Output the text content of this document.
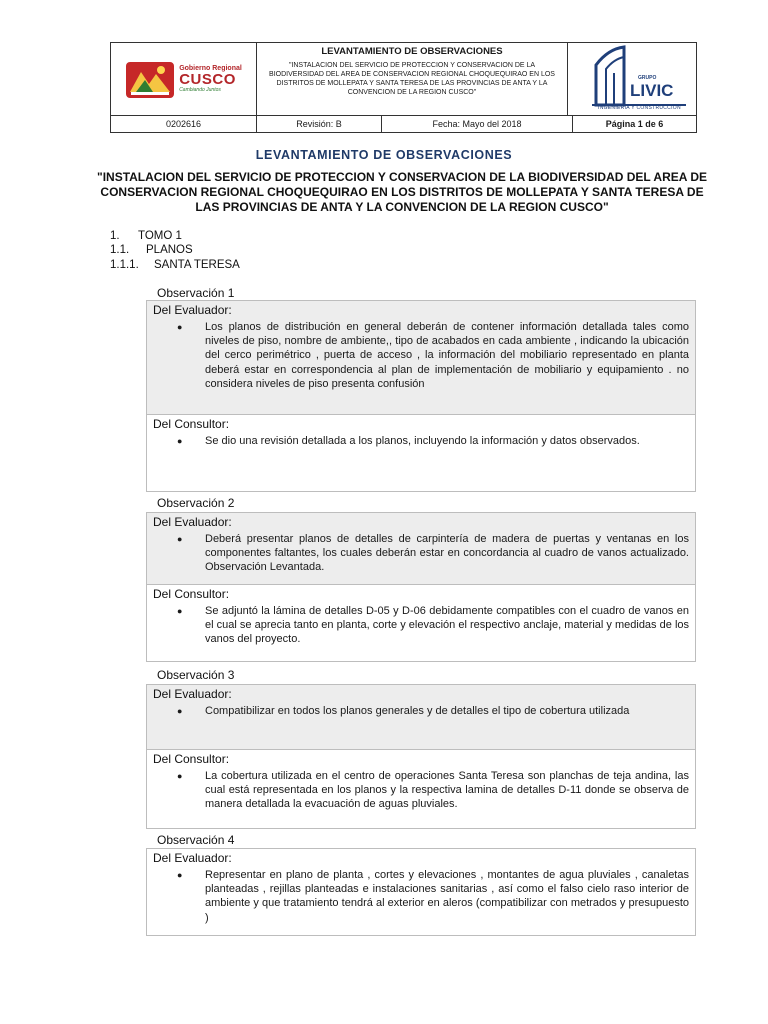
Gobierno Regional
CUSCO
Cambiando Juntos
LEVANTAMIENTO DE OBSERVACIONES
"INSTALACION DEL SERVICIO DE PROTECCION Y CONSERVACION DE LA BIODIVERSIDAD DEL AREA DE CONSERVACION REGIONAL CHOQUEQUIRAO EN LOS DISTRITOS DE MOLLEPATA Y SANTA TERESA DE LAS PROVINCIAS DE ANTA Y LA CONVENCION DE LA REGION CUSCO"
GRUPO
LIVIC
INGENIERÍA Y CONSTRUCCIÓN
0202616	Revisión: B	Fecha: Mayo del 2018	Página 1 de 6
LEVANTAMIENTO DE OBSERVACIONES
"INSTALACION DEL SERVICIO DE PROTECCION Y CONSERVACION DE LA BIODIVERSIDAD DEL AREA DE CONSERVACION REGIONAL CHOQUEQUIRAO EN LOS DISTRITOS DE MOLLEPATA Y SANTA TERESA DE LAS PROVINCIAS DE ANTA Y LA CONVENCION DE LA REGION CUSCO"
1. TOMO 1
1.1. PLANOS
1.1.1. SANTA TERESA
Observación 1
Del Evaluador:
●	Los planos de distribución en general deberán de contener información detallada tales como niveles de piso, nombre de ambiente,, tipo de acabados en cada ambiente , indicando la ubicación del cerco perimétrico , puerta de acceso , la información del mobiliario representado en planta deberá estar en correspondencia al plan de implementación de mobiliario y equipamiento . no considera niveles de piso presenta confusión
Del Consultor:
●	Se dio una revisión detallada a los planos, incluyendo la información y datos observados.
Observación 2
Del Evaluador:
●	Deberá presentar planos de detalles de carpintería de madera de puertas y ventanas en los componentes faltantes, los cuales deberán estar en concordancia al cuadro de vanos actualizado. Observación Levantada.
Del Consultor:
●	Se adjuntó la lámina de detalles D-05 y D-06 debidamente compatibles con el cuadro de vanos en el cual se aprecia tanto en planta, corte y elevación el respectivo anclaje, material y medidas de los vanos del proyecto.
Observación 3
Del Evaluador:
●	Compatibilizar en todos los planos generales y de detalles el tipo de cobertura utilizada
Del Consultor:
●	La cobertura utilizada en el centro de operaciones Santa Teresa son planchas de teja andina, las cual está representada en los planos y la respectiva lamina de detalles D-11 donde se observa de manera detallada la evacuación de aguas pluviales.
Observación 4
Del Evaluador:
●	Representar en plano de planta , cortes y elevaciones , montantes de agua pluviales , canaletas planteadas , rejillas planteadas e instalaciones sanitarias , así como el falso cielo raso interior de ambiente y que tratamiento tendrá al exterior en aleros (compatibilizar con metrados y presupuesto )
